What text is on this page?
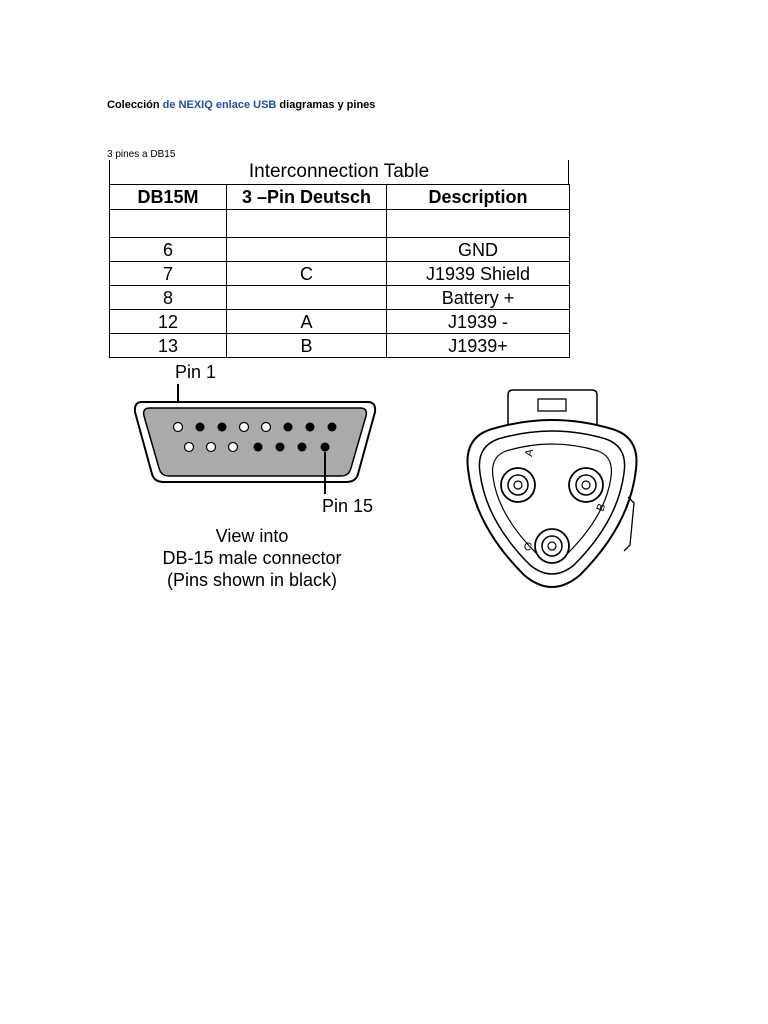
Colección de NEXIQ enlace USB diagramas y pines
3 pines a DB15
Interconnection Table
DB15M	3 –Pin Deutsch	Description

6		GND
7	C	J1939 Shield
8		Battery +
12	A	J1939 -
13	B	J1939+
Pin 1
Pin 15
View into
DB-15 male connector
(Pins shown in black)
A
B
C
